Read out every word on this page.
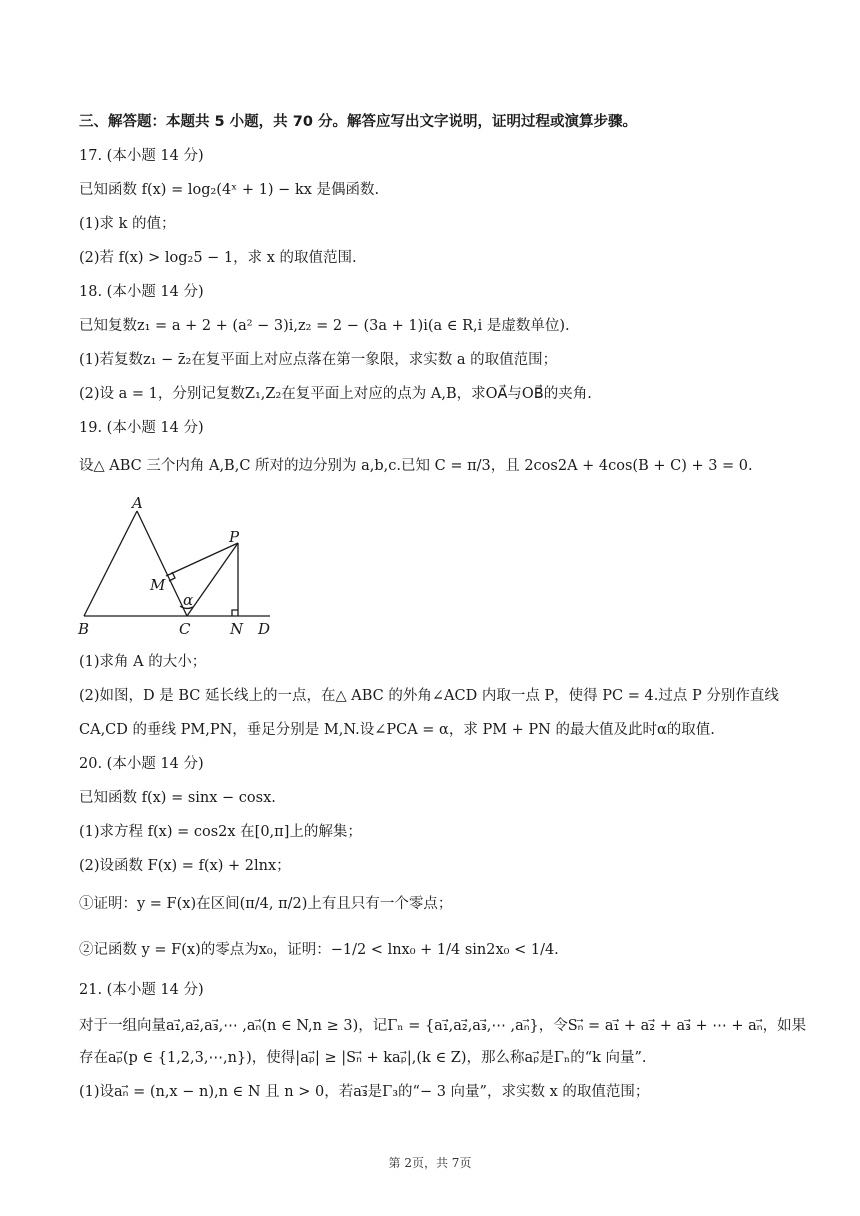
三、解答题：本题共 5 小题，共 70 分。解答应写出文字说明，证明过程或演算步骤。
17. (本小题 14 分)
已知函数 f(x) = log₂(4ˣ + 1) − kx 是偶函数.
(1)求 k 的值；
(2)若 f(x) > log₂5 − 1，求 x 的取值范围.
18. (本小题 14 分)
已知复数z₁ = a + 2 + (a² − 3)i,z₂ = 2 − (3a + 1)i(a ∈ R,i 是虚数单位).
(1)若复数z₁ − z̄₂在复平面上对应点落在第一象限，求实数 a 的取值范围；
(2)设 a = 1，分别记复数Z₁,Z₂在复平面上对应的点为 A,B，求OA⃗与OB⃗的夹角.
19. (本小题 14 分)
设△ ABC 三个内角 A,B,C 所对的边分别为 a,b,c.已知 C = π/3，且 2cos2A + 4cos(B + C) + 3 = 0.
A
B	C	D
M
N
P
α
(1)求角 A 的大小；
(2)如图，D 是 BC 延长线上的一点，在△ ABC 的外角∠ACD 内取一点 P，使得 PC = 4.过点 P 分别作直线
CA,CD 的垂线 PM,PN，垂足分别是 M,N.设∠PCA = α，求 PM + PN 的最大值及此时α的取值.
20. (本小题 14 分)
已知函数 f(x) = sinx − cosx.
(1)求方程 f(x) = cos2x 在[0,π]上的解集；
(2)设函数 F(x) = f(x) + 2lnx；
①证明：y = F(x)在区间(π/4, π/2)上有且只有一个零点；
②记函数 y = F(x)的零点为x₀，证明：−1/2 < lnx₀ + 1/4 sin2x₀ < 1/4.
21. (本小题 14 分)
对于一组向量a₁⃗,a₂⃗,a₃⃗,⋯ ,aₙ⃗(n ∈ N,n ≥ 3)，记Γₙ = {a₁⃗,a₂⃗,a₃⃗,⋯ ,aₙ⃗}，令Sₙ⃗ = a₁⃗ + a₂⃗ + a₃⃗ + ⋯ + aₙ⃗，如果
存在aₚ⃗(p ∈ {1,2,3,⋯,n})，使得|aₚ⃗| ≥ |Sₙ⃗ + kaₚ⃗|,(k ∈ Z)，那么称aₚ⃗是Γₙ的“k 向量”.
(1)设aₙ⃗ = (n,x − n),n ∈ N 且 n > 0，若a₃⃗是Γ₃的“− 3 向量”，求实数 x 的取值范围；
第 2页，共 7页
